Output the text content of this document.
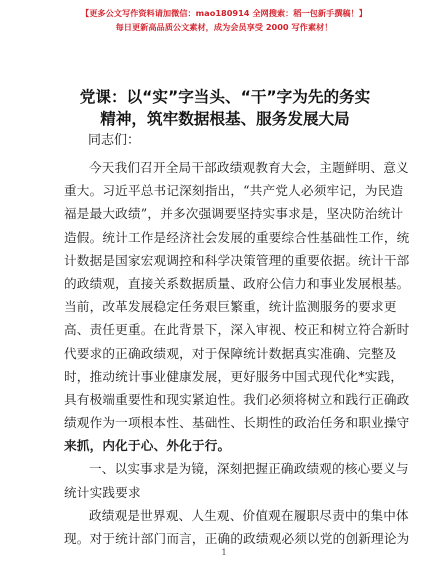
【更多公文写作资料请加微信：mao180914 全网搜索：稻一包新手撰稿！】
每日更新高品质公文素材，成为会员享受 2000 写作素材！
党课：以“实”字当头、“干”字为先的务实
精神，筑牢数据根基、服务发展大局
同志们：
今天我们召开全局干部政绩观教育大会，主题鲜明、意义
重大。习近平总书记深刻指出，“共产党人必须牢记，为民造
福是最大政绩”，并多次强调要坚持实事求是，坚决防治统计
造假。统计工作是经济社会发展的重要综合性基础性工作，统
计数据是国家宏观调控和科学决策管理的重要依据。统计干部
的政绩观，直接关系数据质量、政府公信力和事业发展根基。
当前，改革发展稳定任务艰巨繁重，统计监测服务的要求更
高、责任更重。在此背景下，深入审视、校正和树立符合新时
代要求的正确政绩观，对于保障统计数据真实准确、完整及
时，推动统计事业健康发展，更好服务中国式现代化*实践，
具有极端重要性和现实紧迫性。我们必须将树立和践行正确政
绩观作为一项根本性、基础性、长期性的政治任务和职业操守
来抓，内化于心、外化于行。
一、以实事求是为镜，深刻把握正确政绩观的核心要义与
统计实践要求
政绩观是世界观、人生观、价值观在履职尽责中的集中体
现。对于统计部门而言，正确的政绩观必须以党的创新理论为
1
